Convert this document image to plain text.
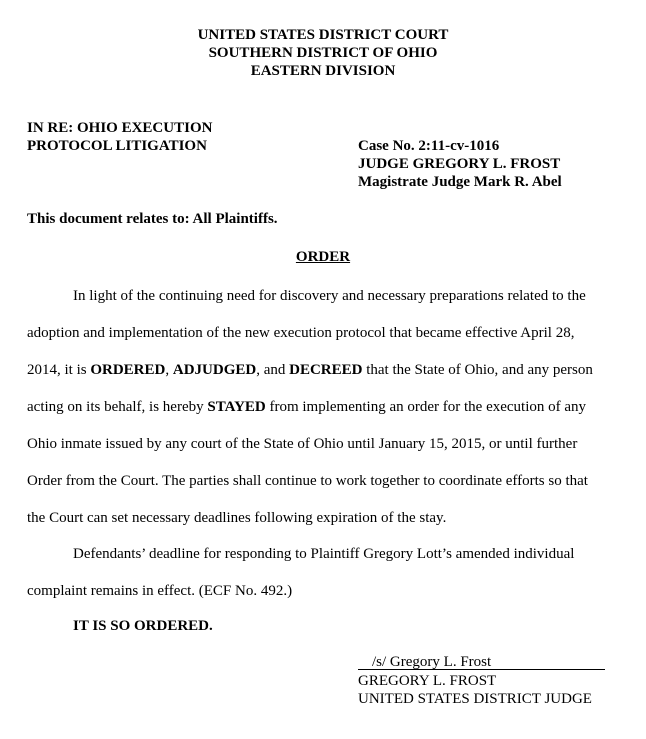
UNITED STATES DISTRICT COURT
SOUTHERN DISTRICT OF OHIO
EASTERN DIVISION
IN RE: OHIO EXECUTION
PROTOCOL LITIGATION	Case No. 2:11-cv-1016
JUDGE GREGORY L. FROST
Magistrate Judge Mark R. Abel
This document relates to: All Plaintiffs.
ORDER
In light of the continuing need for discovery and necessary preparations related to the
adoption and implementation of the new execution protocol that became effective April 28,
2014, it is ORDERED, ADJUDGED, and DECREED that the State of Ohio, and any person
acting on its behalf, is hereby STAYED from implementing an order for the execution of any
Ohio inmate issued by any court of the State of Ohio until January 15, 2015, or until further
Order from the Court. The parties shall continue to work together to coordinate efforts so that
the Court can set necessary deadlines following expiration of the stay.
Defendants’ deadline for responding to Plaintiff Gregory Lott’s amended individual
complaint remains in effect. (ECF No. 492.)
IT IS SO ORDERED.
/s/ Gregory L. Frost
GREGORY L. FROST
UNITED STATES DISTRICT JUDGE
